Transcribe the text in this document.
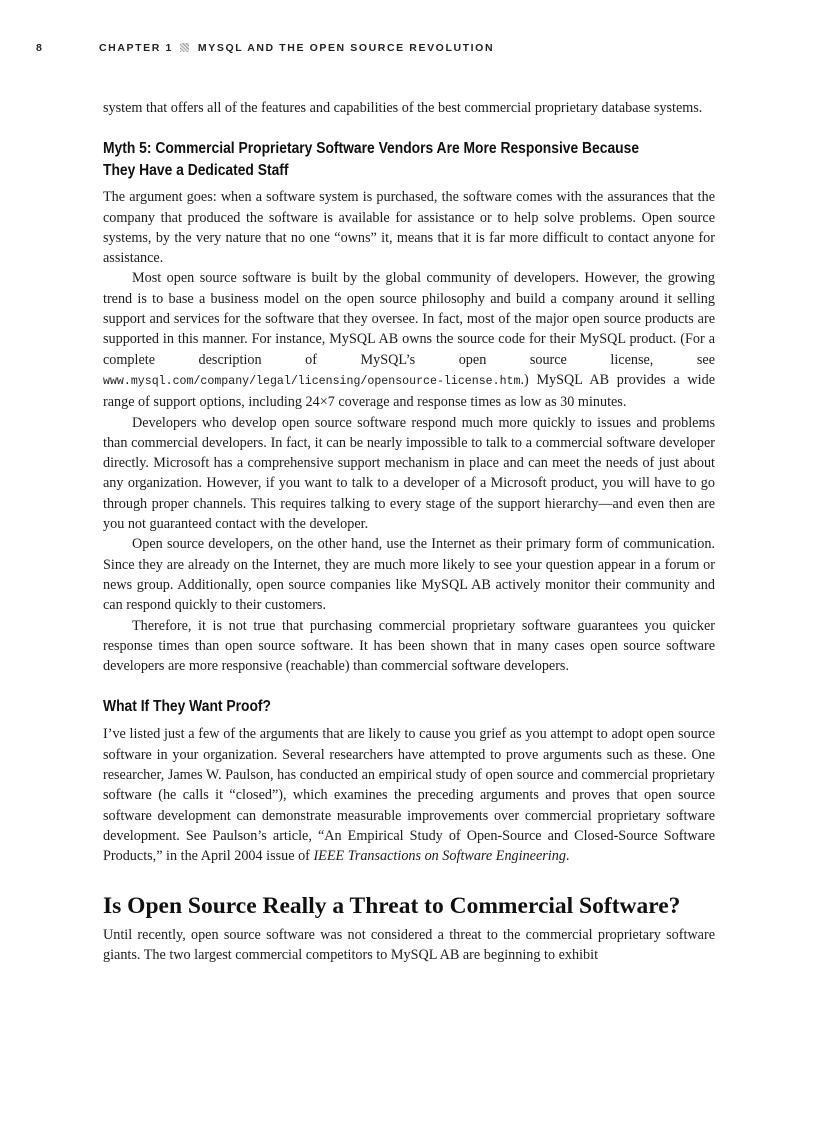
8	CHAPTER 1 MYSQL AND THE OPEN SOURCE REVOLUTION

system that offers all of the features and capabilities of the best commercial proprietary database systems.

Myth 5: Commercial Proprietary Software Vendors Are More Responsive Because
They Have a Dedicated Staff

The argument goes: when a software system is purchased, the software comes with the assurances that the company that produced the software is available for assistance or to help solve problems. Open source systems, by the very nature that no one “owns” it, means that it is far more difficult to contact anyone for assistance.

Most open source software is built by the global community of developers. However, the growing trend is to base a business model on the open source philosophy and build a company around it selling support and services for the software that they oversee. In fact, most of the major open source products are supported in this manner. For instance, MySQL AB owns the source code for their MySQL product. (For a complete description of MySQL’s open source license, see www.mysql.com/company/legal/licensing/opensource-license.htm.) MySQL AB provides a wide range of support options, including 24×7 coverage and response times as low as 30 minutes.

Developers who develop open source software respond much more quickly to issues and problems than commercial developers. In fact, it can be nearly impossible to talk to a commercial software developer directly. Microsoft has a comprehensive support mechanism in place and can meet the needs of just about any organization. However, if you want to talk to a developer of a Microsoft product, you will have to go through proper channels. This requires talking to every stage of the support hierarchy—and even then are you not guaranteed contact with the developer.

Open source developers, on the other hand, use the Internet as their primary form of communication. Since they are already on the Internet, they are much more likely to see your question appear in a forum or news group. Additionally, open source companies like MySQL AB actively monitor their community and can respond quickly to their customers.

Therefore, it is not true that purchasing commercial proprietary software guarantees you quicker response times than open source software. It has been shown that in many cases open source software developers are more responsive (reachable) than commercial software developers.

What If They Want Proof?

I’ve listed just a few of the arguments that are likely to cause you grief as you attempt to adopt open source software in your organization. Several researchers have attempted to prove arguments such as these. One researcher, James W. Paulson, has conducted an empirical study of open source and commercial proprietary software (he calls it “closed”), which examines the preceding arguments and proves that open source software development can demonstrate measurable improvements over commercial proprietary software development. See Paulson’s article, “An Empirical Study of Open-Source and Closed-Source Software Products,” in the April 2004 issue of IEEE Transactions on Software Engineering.

Is Open Source Really a Threat to Commercial Software?

Until recently, open source software was not considered a threat to the commercial proprietary software giants. The two largest commercial competitors to MySQL AB are beginning to exhibit
